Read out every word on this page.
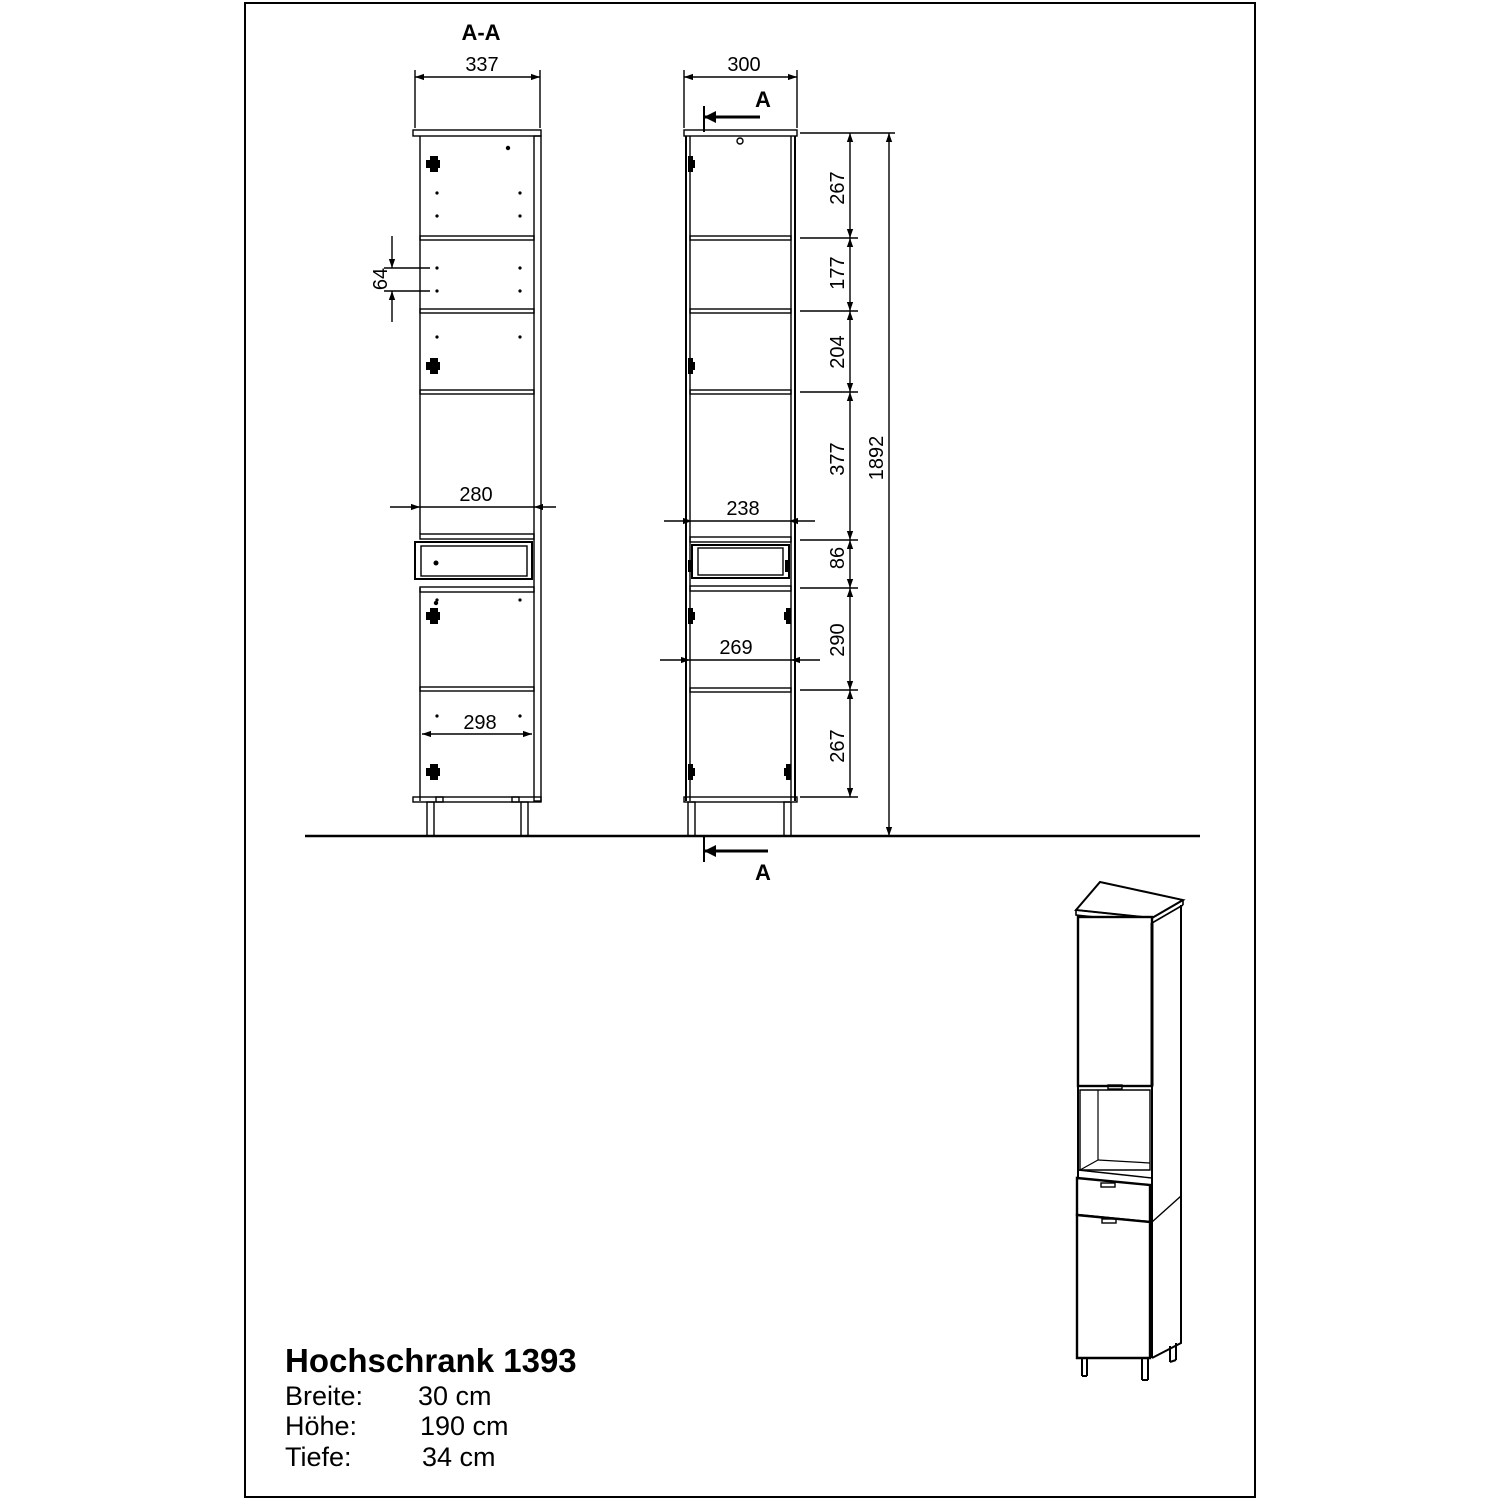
A-A
337
64
280
298
300
A
238
269
A
267
177
204
377
86
290
267
1892
Hochschrank 1393
Breite: 30 cm
Höhe: 190 cm
Tiefe:	34 cm
